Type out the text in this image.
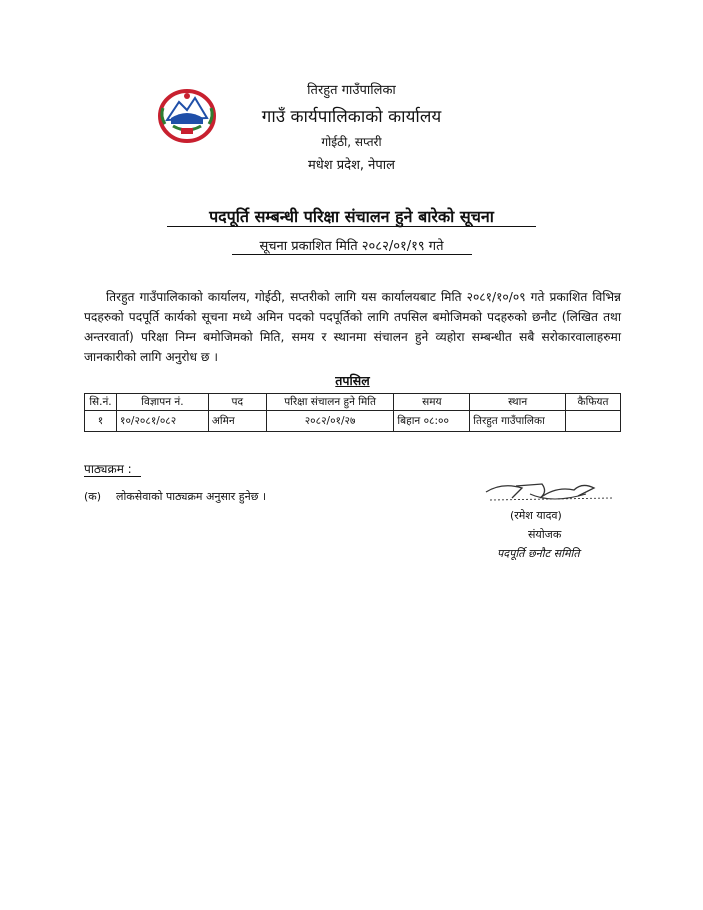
तिरहुत गाउँपालिका
गाउँ कार्यपालिकाको कार्यालय
गोईठी, सप्तरी
मधेश प्रदेश, नेपाल
पदपूर्ति सम्बन्धी परिक्षा संचालन हुने बारेको सूचना
सूचना प्रकाशित मिति २०८२/०१/१९ गते
तिरहुत गाउँपालिकाको कार्यालय, गोईठी, सप्तरीको लागि यस कार्यालयबाट मिति २०८१/१०/०९ गते प्रकाशित विभिन्न पदहरुको पदपूर्ति कार्यको सूचना मध्ये अमिन पदको पदपूर्तिको लागि तपसिल बमोजिमको पदहरुको छनौट (लिखित तथा अन्तरवार्ता) परिक्षा निम्न बमोजिमको मिति, समय र स्थानमा संचालन हुने व्यहोरा सम्बन्धीत सबै सरोकारवालाहरुमा जानकारीको लागि अनुरोध छ ।
तपसिल
सि.नं.	विज्ञापन नं.	पद	परिक्षा संचालन हुने मिति	समय	स्थान	कैफियत
१	१०/२०८१/०८२	अमिन	२०८२/०१/२७	बिहान ०८:००	तिरहुत गाउँपालिका	
पाठ्यक्रम :
(क) लोकसेवाको पाठ्यक्रम अनुसार हुनेछ ।
(रमेश यादव)
संयोजक
पदपूर्ति छनौट समिति
